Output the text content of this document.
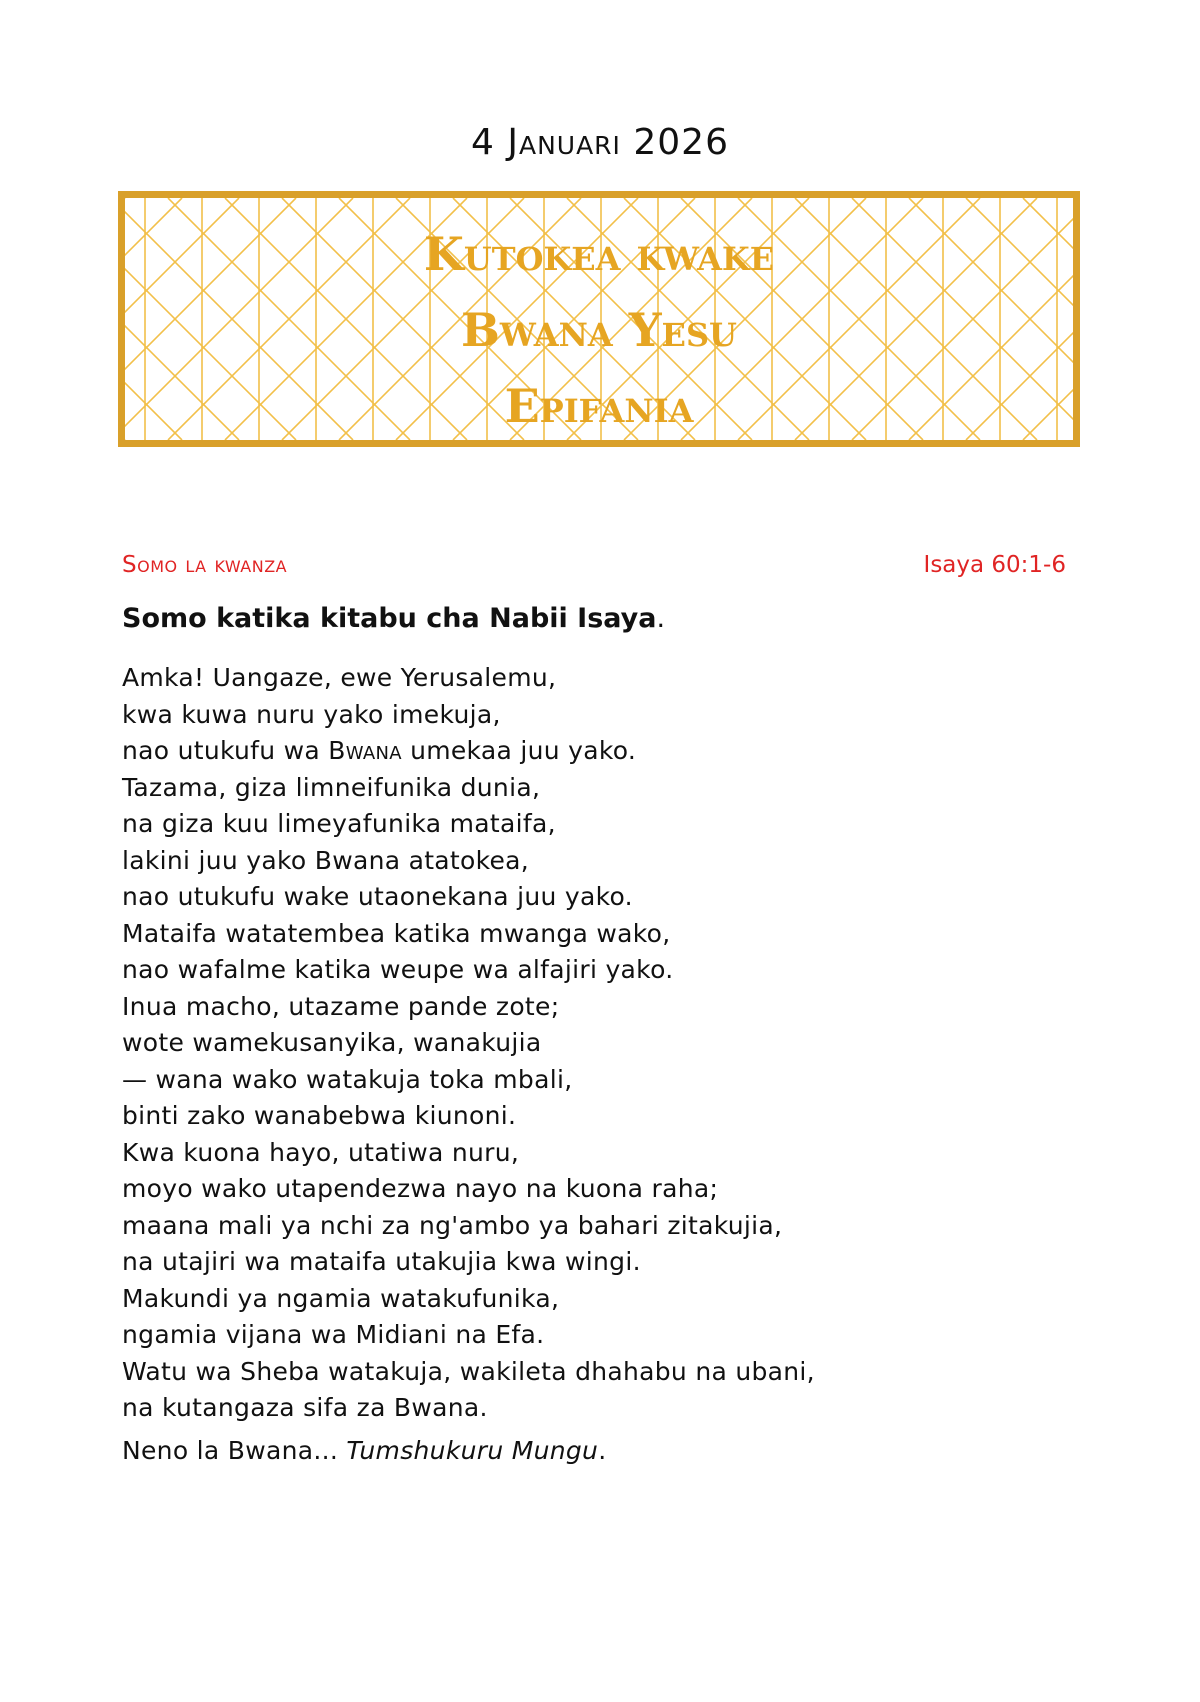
4 Januari 2026
Kutokea kwake
Bwana Yesu
Epifania
Somo la kwanza	Isaya 60:1-6
Somo katika kitabu cha Nabii Isaya.
Amka! Uangaze, ewe Yerusalemu,
kwa kuwa nuru yako imekuja,
nao utukufu wa Bwana umekaa juu yako.
Tazama, giza limneifunika dunia,
na giza kuu limeyafunika mataifa,
lakini juu yako Bwana atatokea,
nao utukufu wake utaonekana juu yako.
Mataifa watatembea katika mwanga wako,
nao wafalme katika weupe wa alfajiri yako.
Inua macho, utazame pande zote;
wote wamekusanyika, wanakujia
— wana wako watakuja toka mbali,
binti zako wanabebwa kiunoni.
Kwa kuona hayo, utatiwa nuru,
moyo wako utapendezwa nayo na kuona raha;
maana mali ya nchi za ng'ambo ya bahari zitakujia,
na utajiri wa mataifa utakujia kwa wingi.
Makundi ya ngamia watakufunika,
ngamia vijana wa Midiani na Efa.
Watu wa Sheba watakuja, wakileta dhahabu na ubani,
na kutangaza sifa za Bwana.
Neno la Bwana... Tumshukuru Mungu.
